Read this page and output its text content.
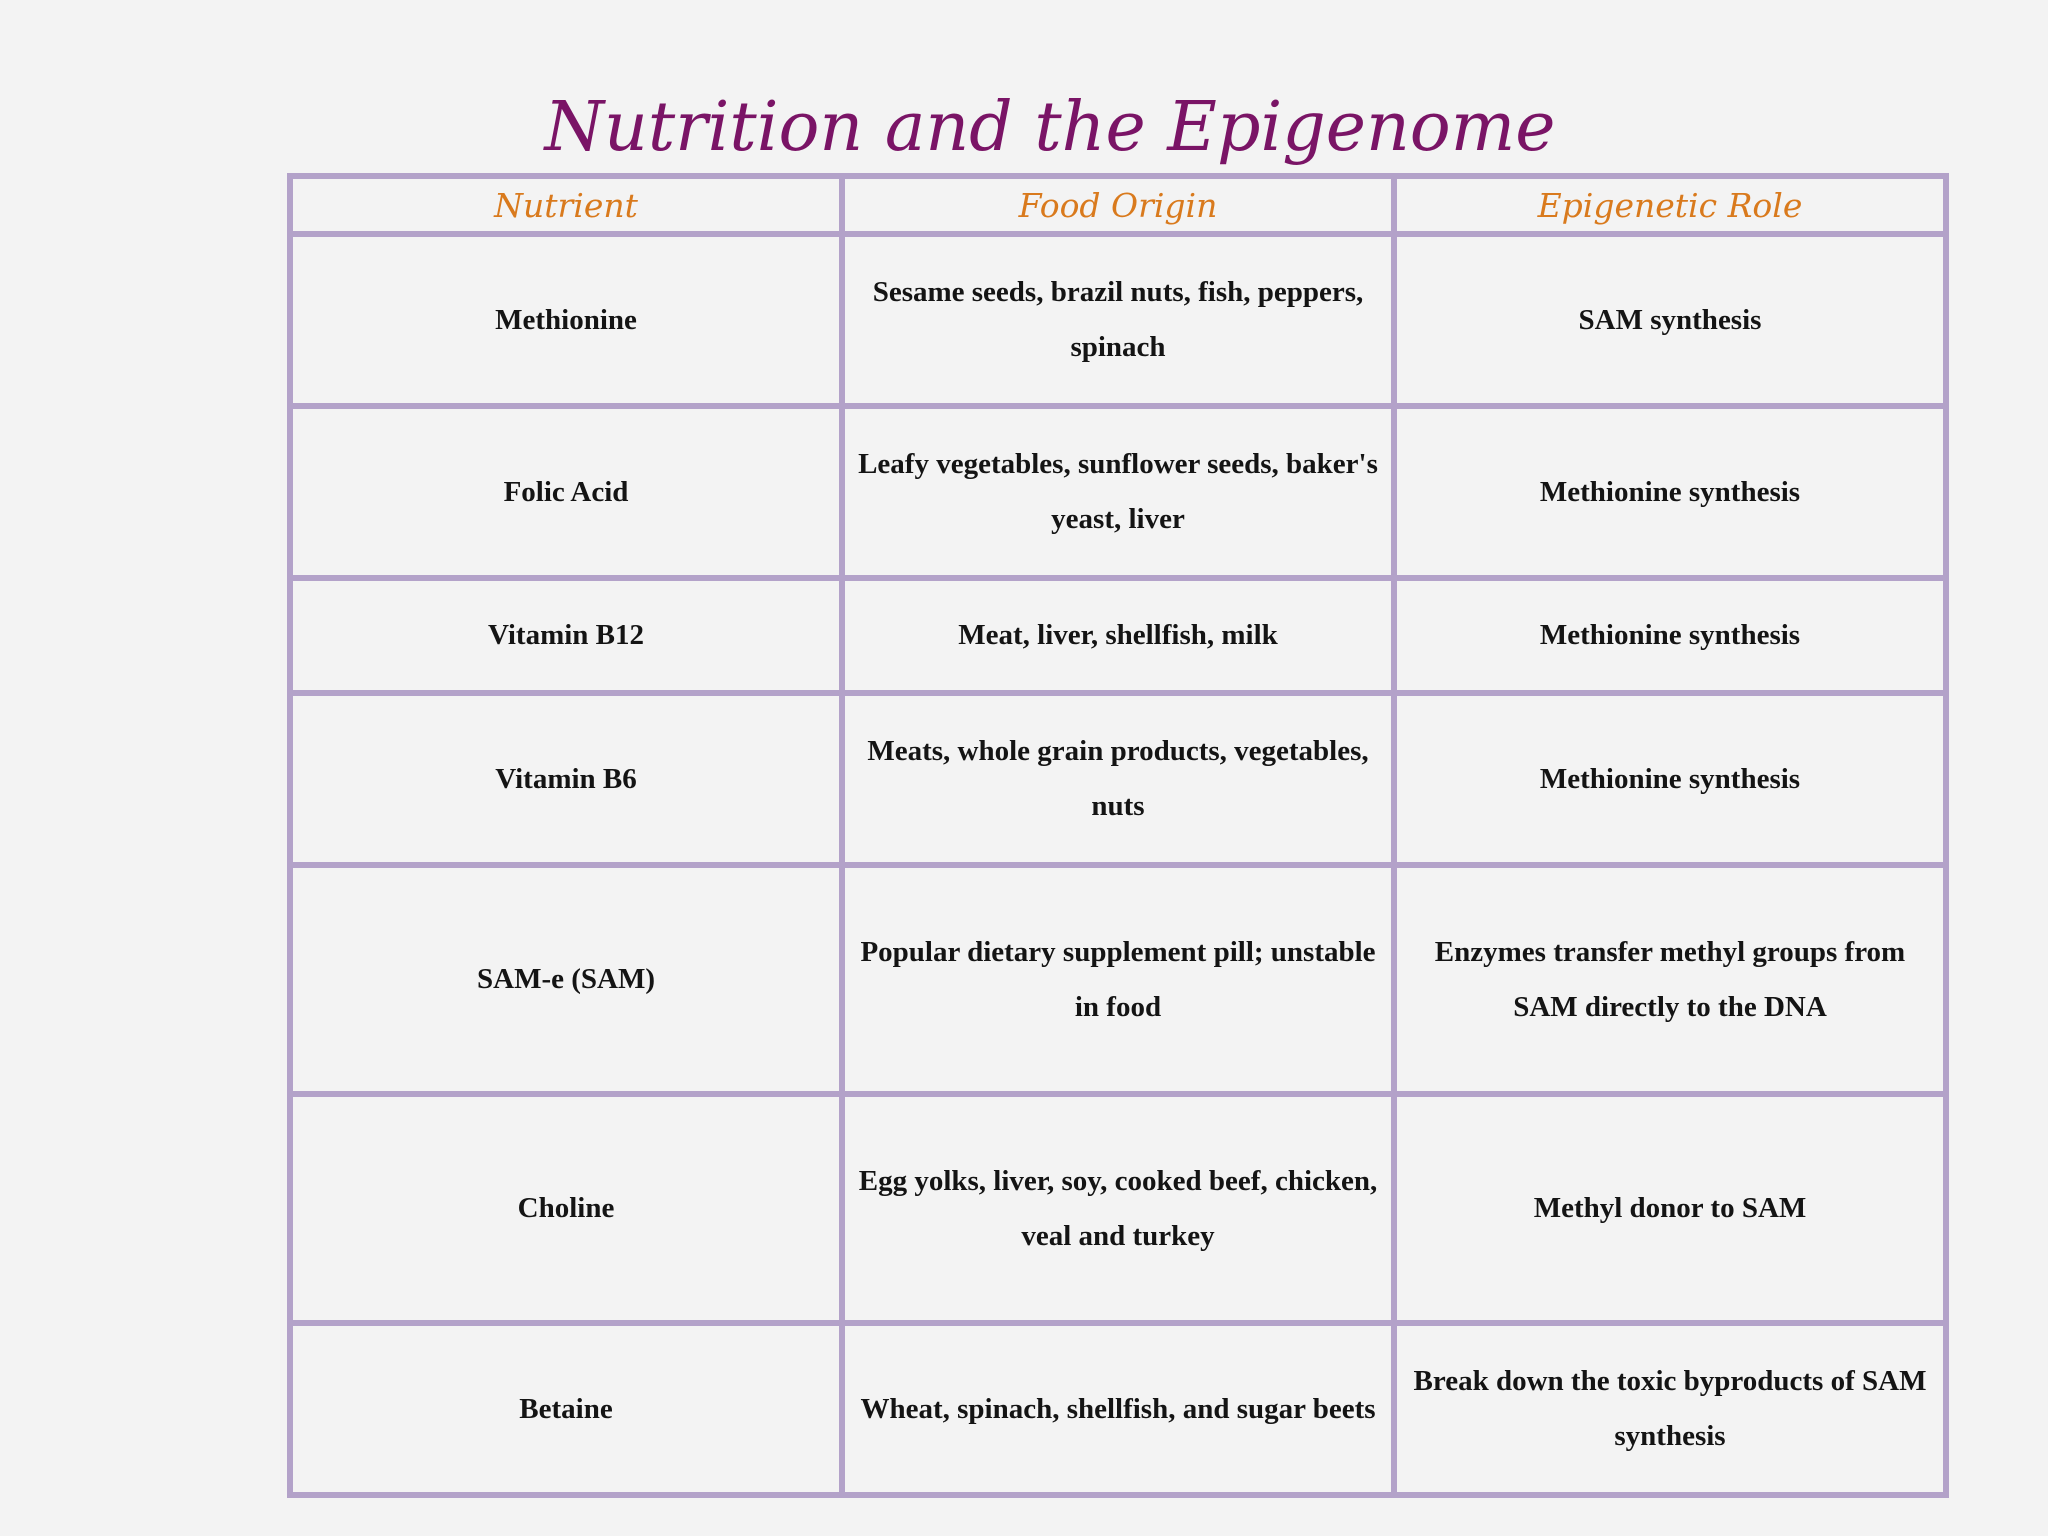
Nutrition and the Epigenome
Nutrient	Food Origin	Epigenetic Role
Methionine	Sesame seeds, brazil nuts, fish, peppers, spinach	SAM synthesis
Folic Acid	Leafy vegetables, sunflower seeds, baker's yeast, liver	Methionine synthesis
Vitamin B12	Meat, liver, shellfish, milk	Methionine synthesis
Vitamin B6	Meats, whole grain products, vegetables, nuts	Methionine synthesis
SAM-e (SAM)	Popular dietary supplement pill; unstable in food	Enzymes transfer methyl groups from SAM directly to the DNA
Choline	Egg yolks, liver, soy, cooked beef, chicken, veal and turkey	Methyl donor to SAM
Betaine	Wheat, spinach, shellfish, and sugar beets	Break down the toxic byproducts of SAM synthesis
